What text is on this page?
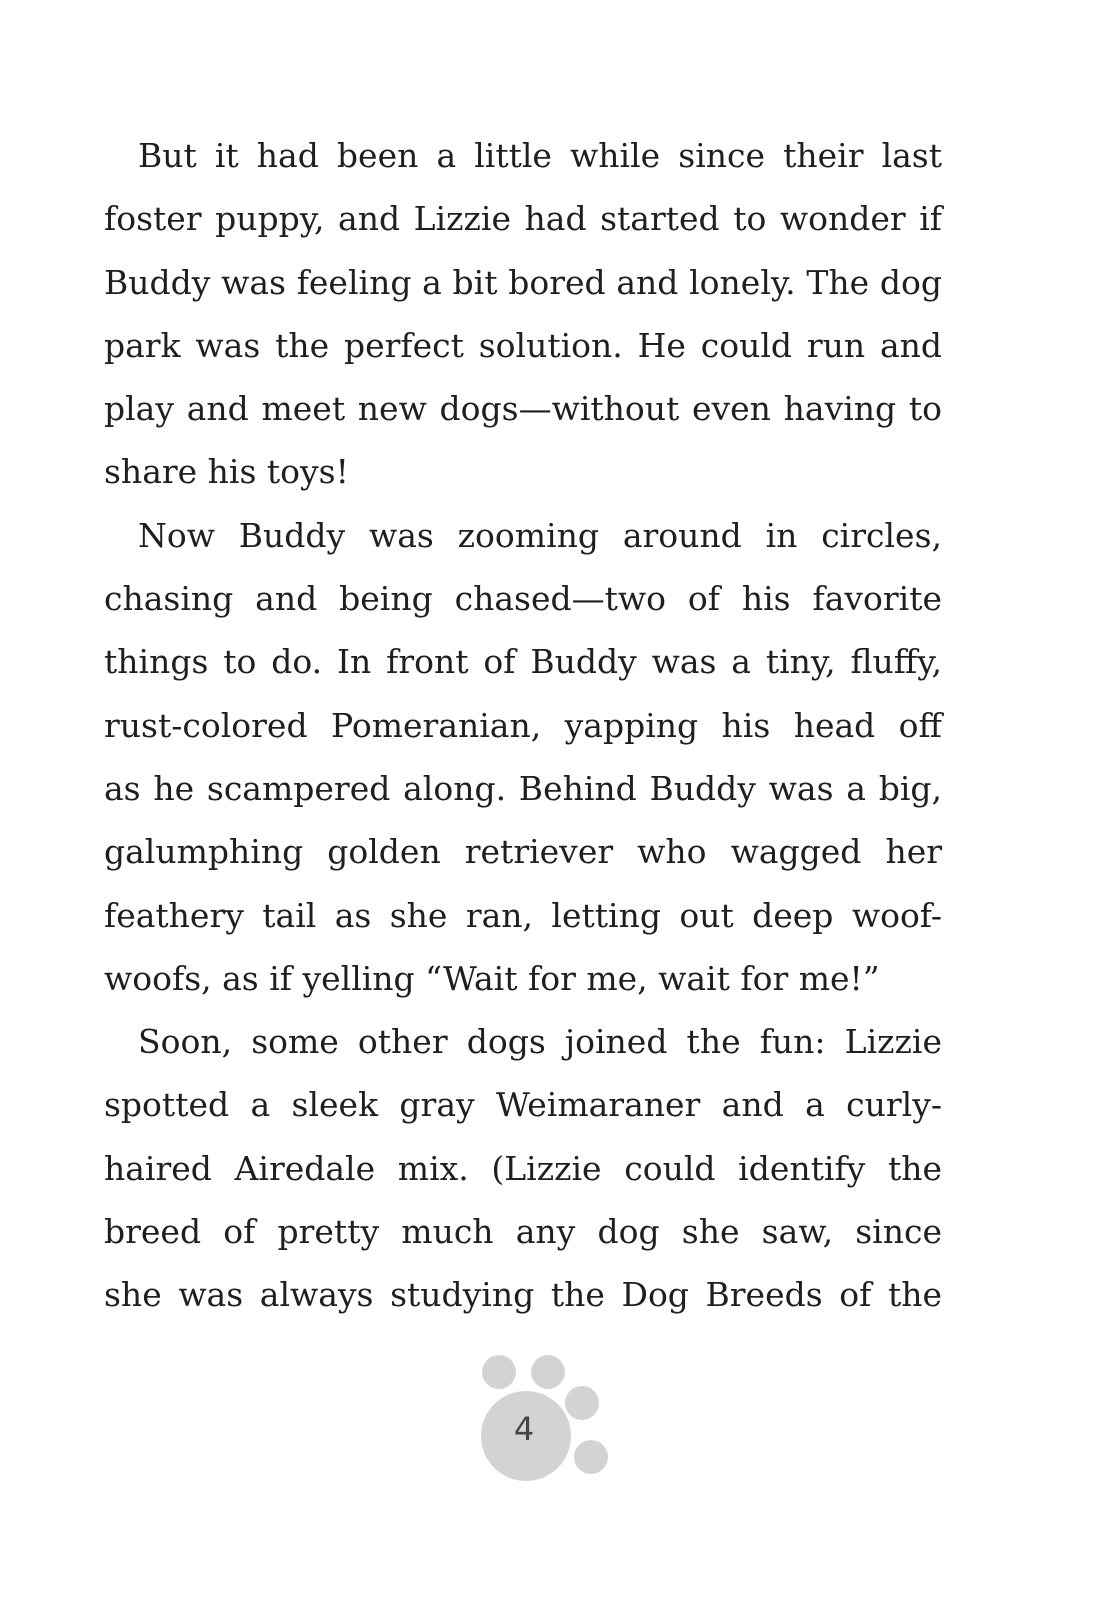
But it had been a little while since their last
foster puppy, and Lizzie had started to wonder if
Buddy was feeling a bit bored and lonely. The dog
park was the perfect solution. He could run and
play and meet new dogs—without even having to
share his toys!
Now Buddy was zooming around in circles,
chasing and being chased—two of his favorite
things to do. In front of Buddy was a tiny, fluffy,
rust-colored Pomeranian, yapping his head off
as he scampered along. Behind Buddy was a big,
galumphing golden retriever who wagged her
feathery tail as she ran, letting out deep woof-
woofs, as if yelling “Wait for me, wait for me!”
Soon, some other dogs joined the fun: Lizzie
spotted a sleek gray Weimaraner and a curly-
haired Airedale mix. (Lizzie could identify the
breed of pretty much any dog she saw, since
she was always studying the Dog Breeds of the
4
